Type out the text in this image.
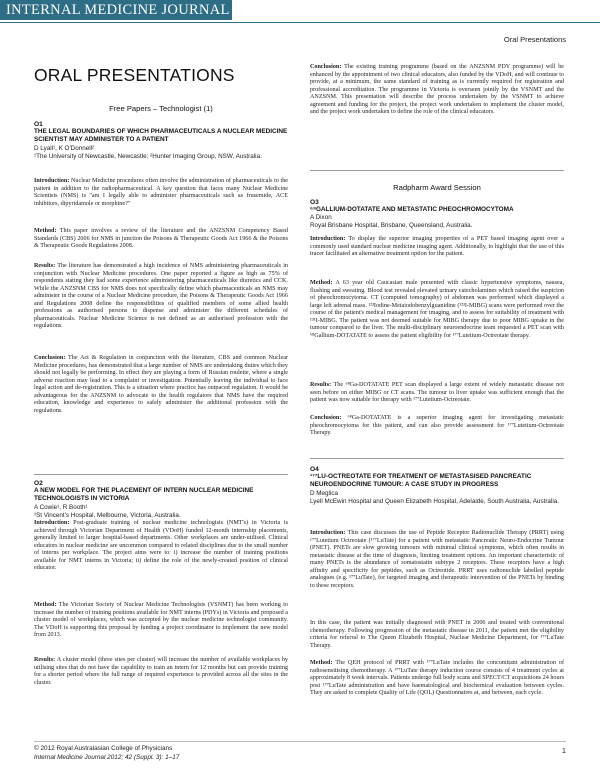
INTERNAL MEDICINE JOURNAL
Oral Presentations
ORAL PRESENTATIONS
Free Papers – Technologist (1)
O1
THE LEGAL BOUNDARIES OF WHICH PHARMACEUTICALS A NUCLEAR MEDICINE SCIENTIST MAY ADMINISTER TO A PATIENT
D Lyall¹, K O'Donnell²
¹The University of Newcastle, Newcastle; ²Hunter Imaging Group, NSW, Australia.

Introduction: Nuclear Medicine procedures often involve the administration of pharmaceuticals to the patient in addition to the radiopharmaceutical. A key question that faces many Nuclear Medicine Scientists (NMS) is "am I legally able to administer pharmaceuticals such as frusemide, ACE inhibitors, dipyridamole or morphine?"

Method: This paper involves a review of the literature and the ANZSNM Competency Based Standards (CBS) 2006 for NMS in junction the Poisons & Therapeutic Goods Act 1966 & the Poisons & Therapeutic Goods Regulations 2008.

Results: The literature has demonstrated a high incidence of NMS administering pharmaceuticals in conjunction with Nuclear Medicine procedures. One paper reported a figure as high as 75% of respondents stating they had some experience administering pharmaceuticals like diuretics and CCK. While the ANZSNM CBS for NMS does not specifically define which pharmaceuticals an NMS may administer in the course of a Nuclear Medicine procedure, the Poisons & Therapeutic Goods Act 1966 and Regulations 2008 define the responsibilities of qualified members of some allied health professions as authorised persons to dispense and administer the different schedules of pharmaceuticals. Nuclear Medicine Science is not defined as an authorised profession with the regulations.

Conclusion: The Act & Regulation in conjunction with the literature, CBS and common Nuclear Medicine procedures, has demonstrated that a large number of NMS are undertaking duties which they should not legally be performing. In effect they are playing a form of Russian roulette, where a single adverse reaction may lead to a complaint or investigation. Potentially leaving the individual to face legal action and de-registration. This is a situation where practice has outpaced regulation. It would be advantageous for the ANZSNM to advocate to the health regulators that NMS have the required education, knowledge and experience to safely administer the additional profession with the regulations.

O2
A NEW MODEL FOR THE PLACEMENT OF INTERN NUCLEAR MEDICINE TECHNOLOGISTS IN VICTORIA
A Cowie¹, R Booth¹
¹St Vincent's Hospital, Melbourne, Victoria, Australia.

Introduction: Post-graduate training of nuclear medicine technologists (NMT's) in Victoria is achieved through Victorian Department of Health (VDoH) funded 12-month internship placements, generally limited to larger hospital-based departments. Other workplaces are under-utilised. Clinical educators in nuclear medicine are uncommon compared to related disciplines due to the small number of interns per workplace. The project aims were to: i) increase the number of training positions available for NMT interns in Victoria; ii) define the role of the newly-created position of clinical educator.

Method: The Victorian Society of Nuclear Medicine Technologists (VSNMT) has been working to increase the number of training positions available for NMT interns (PDYs) in Victoria and proposed a cluster model of workplaces, which was accepted by the nuclear medicine technologist community. The VDoH is supporting this proposal by funding a project coordinator to implement the new model from 2013.

Results: A cluster model (three sites per cluster) will increase the number of available workplaces by utilising sites that do not have the capability to train an intern for 12 months but can provide training for a shorter period where the full range of required experience is provided across all the sites in the cluster.

Conclusion: The existing training programme (based on the ANZSNM PDY programme) will be enhanced by the appointment of two clinical educators, also funded by the VDoH, and will continue to provide, at a minimum, the same standard of training as is currently required for registration and professional accreditation. The programme in Victoria is overseen jointly by the VSNMT and the ANZSNM. This presentation will describe the process undertaken by the VSNMT to achieve agreement and funding for the project, the project work undertaken to implement the cluster model, and the project work undertaken to define the role of the clinical educators.

Radpharm Award Session
O3
⁶⁸GALLIUM-DOTATATE AND METASTATIC PHEOCHROMOCYTOMA
A Dixon
Royal Brisbane Hospital, Brisbane, Queensland, Australia.

Introduction: To display the superior imaging properties of a PET based imaging agent over a commonly used standard nuclear medicine imaging agent. Additionally, to highlight that the use of this tracer facilitated an alternative treatment option for the patient.

Method: A 63 year old Caucasian male presented with classic hypertensive symptoms, nausea, flushing and sweating. Blood test revealed elevated urinary catecholamines which raised the suspicion of pheochromocytoma. CT (computed tomography) of abdomen was performed which displayed a large left adrenal mass. ¹²³Iodine-Metaiodobenzylguanidine (¹²³I-MIBG) scans were performed over the course of the patient's medical management for imaging, and to assess for suitability of treatment with ¹³¹I-MIBG. The patient was not deemed suitable for MIBG therapy due to poor MIBG uptake in the tumour compared to the liver. The multi-disciplinary neuroendocrine team requested a PET scan with ⁶⁸Gallium-DOTATATE to assess the patient eligibility for ¹⁷⁷Lutetium-Octreotate therapy.

Results: The ⁶⁸Ga-DOTATATE PET scan displayed a large extent of widely metastatic disease not seen before on either MIBG or CT scans. The tumour to liver uptake was sufficient enough that the patient was now suitable for therapy with ¹⁷⁷Lutetium-Octreotate.

Conclusion: ⁶⁸Ga-DOTATATE is a superior imaging agent for investigating metastatic pheochromocytoma for this patient, and can also provide assessment for ¹⁷⁷Lutetium-Octreotate Therapy.

O4
¹⁷⁷LU-OCTREOTATE FOR TREATMENT OF METASTASISED PANCREATIC NEUROENDOCRINE TUMOUR: A CASE STUDY IN PROGRESS
D Meglica
Lyell McEwin Hospital and Queen Elizabeth Hospital, Adelaide, South Australia, Australia.

Introduction: This case discusses the use of Peptide Receptor Radionuclide Therapy (PRRT) using ¹⁷⁷Lutetium Octreotate (¹⁷⁷LuTate) for a patient with metastatic Pancreatic Neuro-Endocrine Tumour (PNET). PNETs are slow growing tumours with minimal clinical symptoms, which often results in metastatic disease at the time of diagnosis, limiting treatment options. An important characteristic of many PNETs is the abundance of somatostatin subtype 2 receptors. These receptors have a high affinity and specificity for peptides, such as Octreotide. PRRT uses radionuclide labelled peptide analogues (e.g. ¹⁷⁷LuTate), for targeted imaging and therapeutic intervention of the PNETs by binding to these receptors.

In this case, the patient was initially diagnosed with PNET in 2006 and treated with conventional chemotherapy. Following progression of the metastatic disease in 2011, the patient met the eligibility criteria for referral to The Queen Elizabeth Hospital, Nuclear Medicine Department, for ¹⁷⁷LuTate Therapy.

Method: The QEH protocol of PRRT with ¹⁷⁷LuTate includes the concomitant administration of radiosensitising chemotherapy. A ¹⁷⁷LuTate therapy induction course consists of 4 treatment cycles at approximately 8 week intervals. Patients undergo full body scans and SPECT/CT acquisitions 24 hours post ¹⁷⁷LuTate administration and have haematological and biochemical evaluation between cycles. They are asked to complete Quality of Life (QOL) Questionnaires at, and between, each cycle.

© 2012 Royal Australasian College of Physicians
Internal Medicine Journal 2012; 42 (Suppl. 3): 1–17
1
